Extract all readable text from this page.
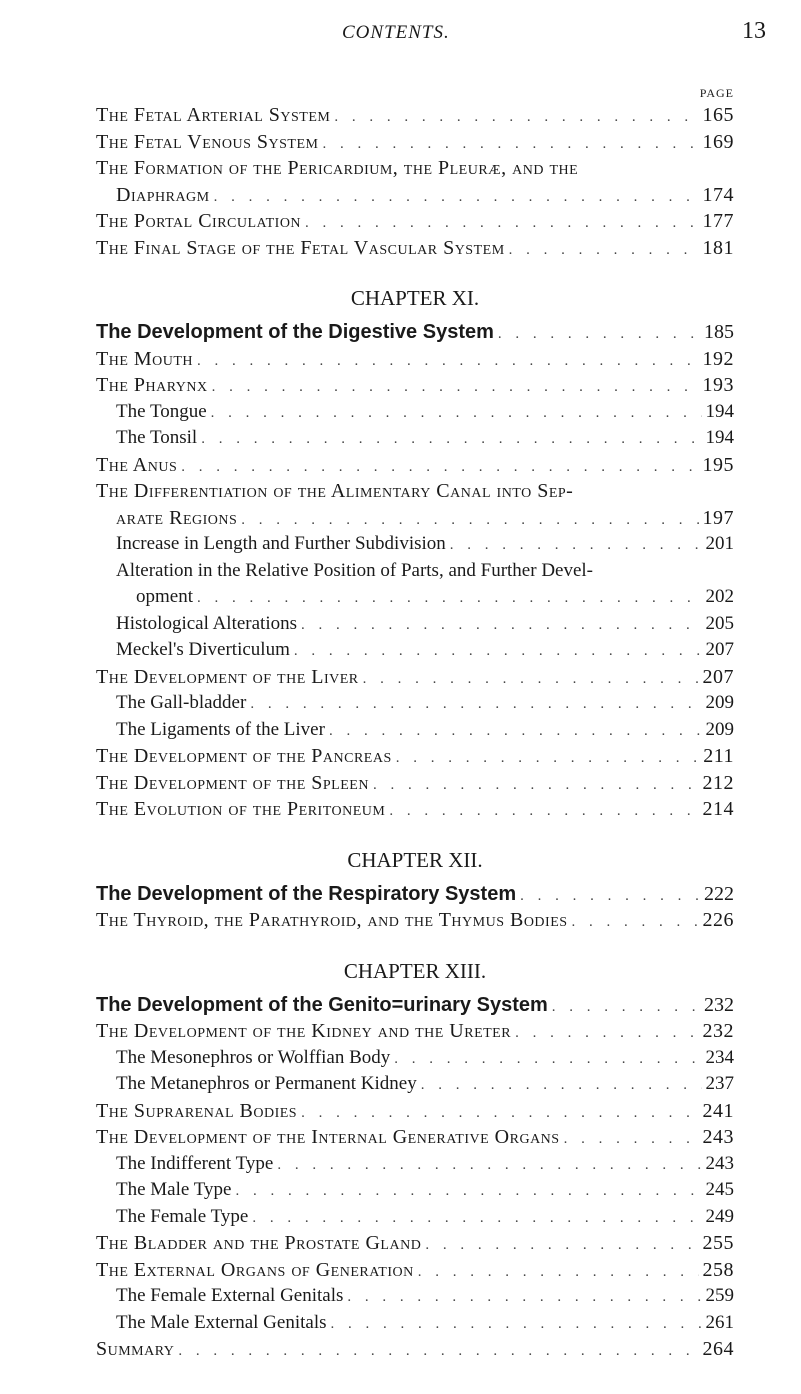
CONTENTS.	13
PAGE
The Fetal Arterial System . . .	165
The Fetal Venous System . . .	169
The Formation of the Pericardium, the Pleuræ, and the
Diaphragm . . .	174
The Portal Circulation . . .	177
The Final Stage of the Fetal Vascular System . . .	181
CHAPTER XI.
The Development of the Digestive System . . .	185
The Mouth . . .	192
The Pharynx . . .	193
The Tongue . . .	194
The Tonsil . . .	194
The Anus . . .	195
The Differentiation of the Alimentary Canal into Sep-
arate Regions . . .	197
Increase in Length and Further Subdivision . . .	201
Alteration in the Relative Position of Parts, and Further Devel-
opment . . .	202
Histological Alterations . . .	205
Meckel's Diverticulum . . .	207
The Development of the Liver . . .	207
The Gall-bladder . . .	209
The Ligaments of the Liver . . .	209
The Development of the Pancreas . . .	211
The Development of the Spleen . . .	212
The Evolution of the Peritoneum . . .	214
CHAPTER XII.
The Development of the Respiratory System . . .	222
The Thyroid, the Parathyroid, and the Thymus Bodies . . .	226
CHAPTER XIII.
The Development of the Genito=urinary System . . .	232
The Development of the Kidney and the Ureter . . .	232
The Mesonephros or Wolffian Body . . .	234
The Metanephros or Permanent Kidney . . .	237
The Suprarenal Bodies . . .	241
The Development of the Internal Generative Organs . . .	243
The Indifferent Type . . .	243
The Male Type . . .	245
The Female Type . . .	249
The Bladder and the Prostate Gland . . .	255
The External Organs of Generation . . .	258
The Female External Genitals . . .	259
The Male External Genitals . . .	261
Summary . . .	264
